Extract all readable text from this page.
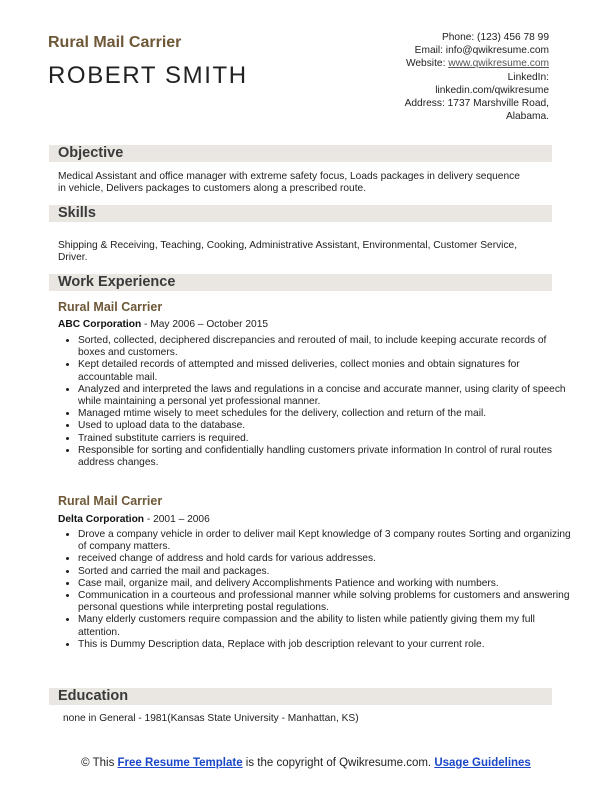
Rural Mail Carrier
ROBERT SMITH
Phone: (123) 456 78 99
Email: info@qwikresume.com
Website: www.qwikresume.com
LinkedIn:
linkedin.com/qwikresume
Address: 1737 Marshville Road,
Alabama.
Objective
Medical Assistant and office manager with extreme safety focus, Loads packages in delivery sequence in vehicle, Delivers packages to customers along a prescribed route.
Skills
Shipping & Receiving, Teaching, Cooking, Administrative Assistant, Environmental, Customer Service, Driver.
Work Experience
Rural Mail Carrier
ABC Corporation - May 2006 – October 2015
• Sorted, collected, deciphered discrepancies and rerouted of mail, to include keeping accurate records of boxes and customers.
• Kept detailed records of attempted and missed deliveries, collect monies and obtain signatures for accountable mail.
• Analyzed and interpreted the laws and regulations in a concise and accurate manner, using clarity of speech while maintaining a personal yet professional manner.
• Managed mtime wisely to meet schedules for the delivery, collection and return of the mail.
• Used to upload data to the database.
• Trained substitute carriers is required.
• Responsible for sorting and confidentially handling customers private information In control of rural routes address changes.
Rural Mail Carrier
Delta Corporation - 2001 – 2006
• Drove a company vehicle in order to deliver mail Kept knowledge of 3 company routes Sorting and organizing of company matters.
• received change of address and hold cards for various addresses.
• Sorted and carried the mail and packages.
• Case mail, organize mail, and delivery Accomplishments Patience and working with numbers.
• Communication in a courteous and professional manner while solving problems for customers and answering personal questions while interpreting postal regulations.
• Many elderly customers require compassion and the ability to listen while patiently giving them my full attention.
• This is Dummy Description data, Replace with job description relevant to your current role.
Education
none in General - 1981(Kansas State University - Manhattan, KS)
© This Free Resume Template is the copyright of Qwikresume.com. Usage Guidelines
